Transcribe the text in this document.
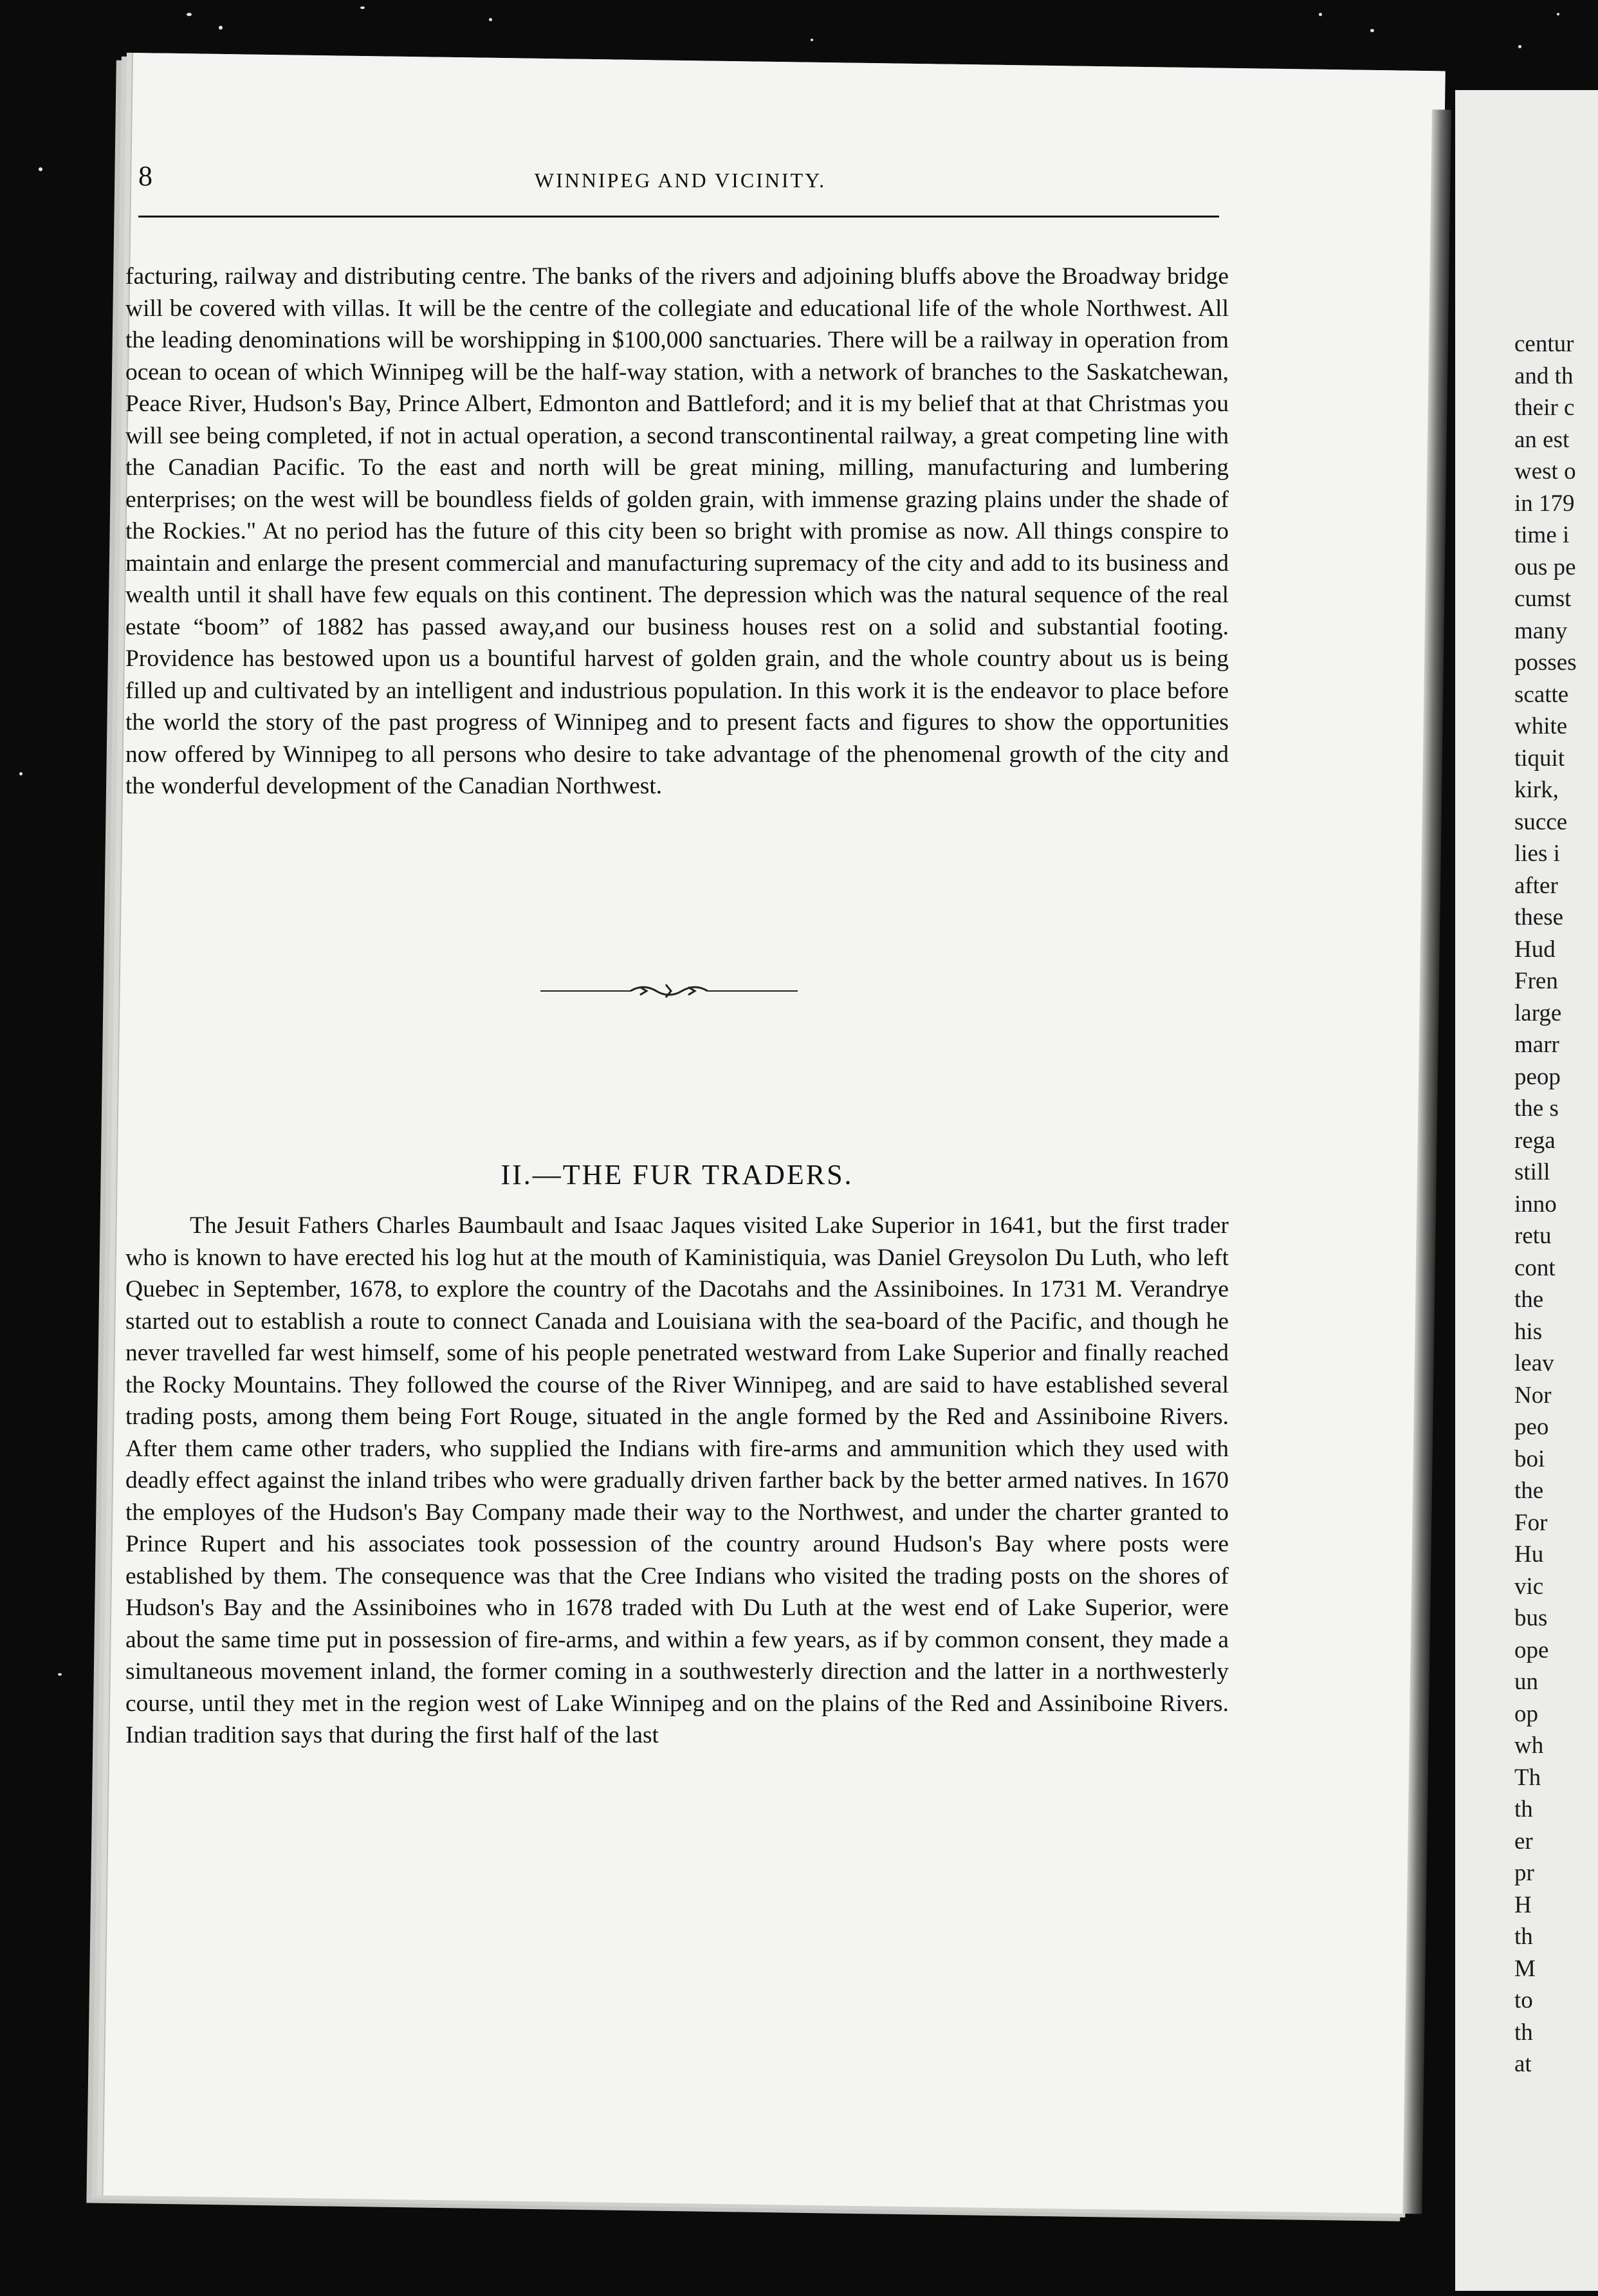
centur
and th
their c
an est
west o
in 179
time i
ous pe
cumst
many
posses
scatte
white
tiquit
kirk,
succe
lies i
after
these
Hud
Fren
large
marr
peop
the s
rega
still
inno
retu
cont
the
his
leav
Nor
peo
boi
the
For
Hu
vic
bus
ope
un
op
wh
Th
th
er
pr
H
th
M
to
th
at
8	WINNIPEG AND VICINITY.

facturing, railway and distributing centre. The banks of the rivers and adjoining bluffs above the Broadway bridge will be covered with villas. It will be the centre of the collegiate and educational life of the whole Northwest. All the leading denominations will be worshipping in $100,000 sanctuaries. There will be a railway in operation from ocean to ocean of which Winnipeg will be the half-way station, with a network of branches to the Saskatchewan, Peace River, Hudson's Bay, Prince Albert, Edmonton and Battleford; and it is my belief that at that Christmas you will see being completed, if not in actual operation, a second transcontinental railway, a great competing line with the Canadian Pacific. To the east and north will be great mining, milling, manufacturing and lumbering enterprises; on the west will be boundless fields of golden grain, with immense grazing plains under the shade of the Rockies." At no period has the future of this city been so bright with promise as now. All things conspire to maintain and enlarge the present commercial and manufacturing supremacy of the city and add to its business and wealth until it shall have few equals on this continent. The depression which was the natural sequence of the real estate “boom” of 1882 has passed away,and our business houses rest on a solid and substantial footing. Providence has bestowed upon us a bountiful harvest of golden grain, and the whole country about us is being filled up and cultivated by an intelligent and industrious population. In this work it is the endeavor to place before the world the story of the past progress of Winnipeg and to present facts and figures to show the opportunities now offered by Winnipeg to all persons who desire to take advantage of the phenomenal growth of the city and the wonderful development of the Canadian Northwest.

II.—THE FUR TRADERS.

The Jesuit Fathers Charles Baumbault and Isaac Jaques visited Lake Superior in 1641, but the first trader who is known to have erected his log hut at the mouth of Kaministiquia, was Daniel Greysolon Du Luth, who left Quebec in September, 1678, to explore the country of the Dacotahs and the Assiniboines. In 1731 M. Verandrye started out to establish a route to connect Canada and Louisiana with the sea-board of the Pacific, and though he never travelled far west himself, some of his people penetrated westward from Lake Superior and finally reached the Rocky Mountains. They followed the course of the River Winnipeg, and are said to have established several trading posts, among them being Fort Rouge, situated in the angle formed by the Red and Assiniboine Rivers. After them came other traders, who supplied the Indians with fire-arms and ammunition which they used with deadly effect against the inland tribes who were gradually driven farther back by the better armed natives. In 1670 the employes of the Hudson's Bay Company made their way to the Northwest, and under the charter granted to Prince Rupert and his associates took possession of the country around Hudson's Bay where posts were established by them. The consequence was that the Cree Indians who visited the trading posts on the shores of Hudson's Bay and the Assiniboines who in 1678 traded with Du Luth at the west end of Lake Superior, were about the same time put in possession of fire-arms, and within a few years, as if by common consent, they made a simultaneous movement inland, the former coming in a southwesterly direction and the latter in a northwesterly course, until they met in the region west of Lake Winnipeg and on the plains of the Red and Assiniboine Rivers. Indian tradition says that during the first half of the last
